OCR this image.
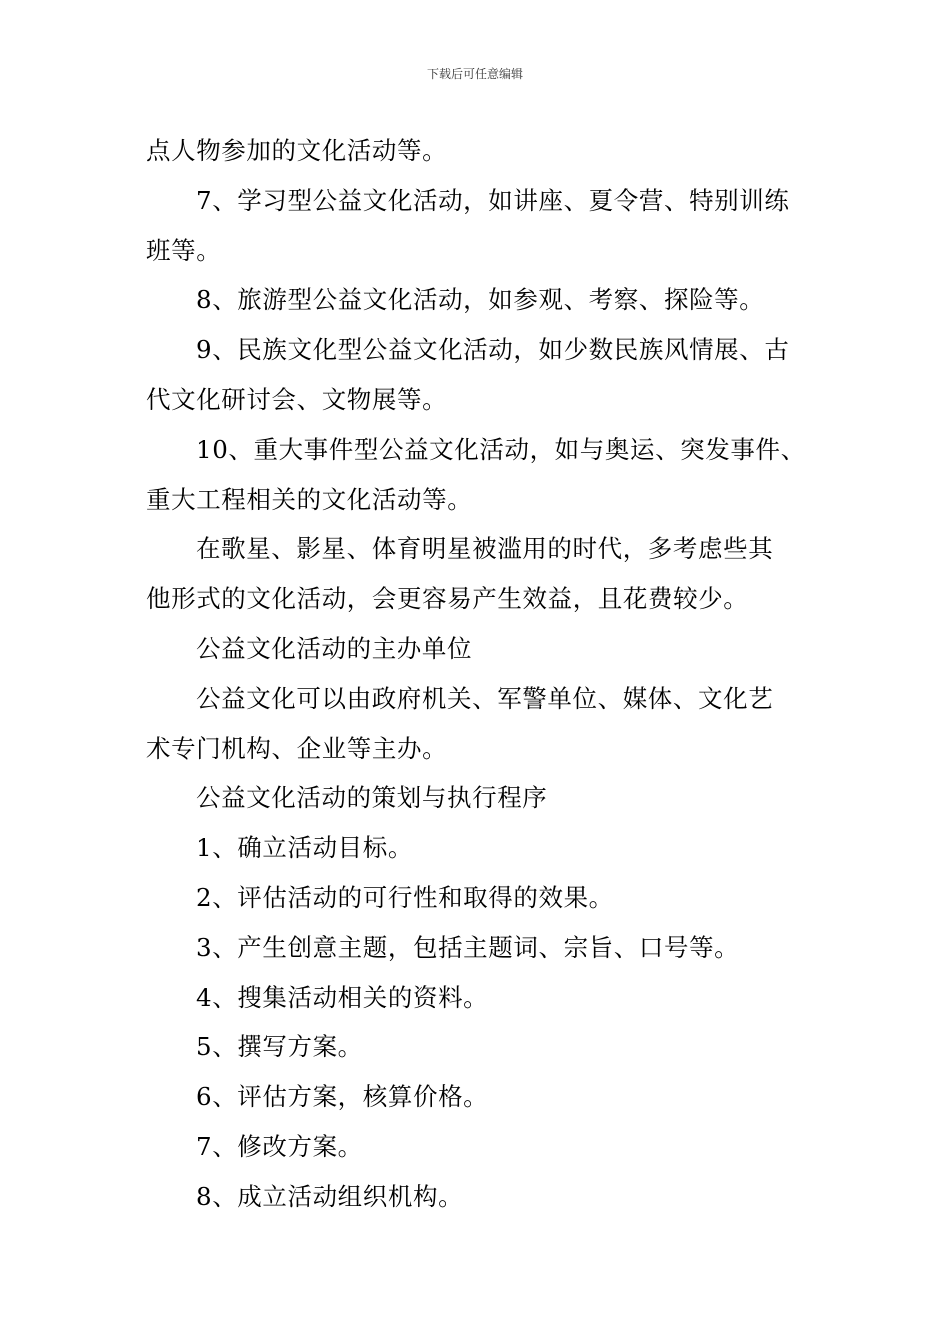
下载后可任意编辑

点人物参加的文化活动等。

7、学习型公益文化活动，如讲座、夏令营、特别训练

班等。

8、旅游型公益文化活动，如参观、考察、探险等。

9、民族文化型公益文化活动，如少数民族风情展、古

代文化研讨会、文物展等。

10、重大事件型公益文化活动，如与奥运、突发事件、

重大工程相关的文化活动等。

在歌星、影星、体育明星被滥用的时代，多考虑些其

他形式的文化活动，会更容易产生效益，且花费较少。

公益文化活动的主办单位

公益文化可以由政府机关、军警单位、媒体、文化艺

术专门机构、企业等主办。

公益文化活动的策划与执行程序

1、确立活动目标。

2、评估活动的可行性和取得的效果。

3、产生创意主题，包括主题词、宗旨、口号等。

4、搜集活动相关的资料。

5、撰写方案。

6、评估方案，核算价格。

7、修改方案。

8、成立活动组织机构。
